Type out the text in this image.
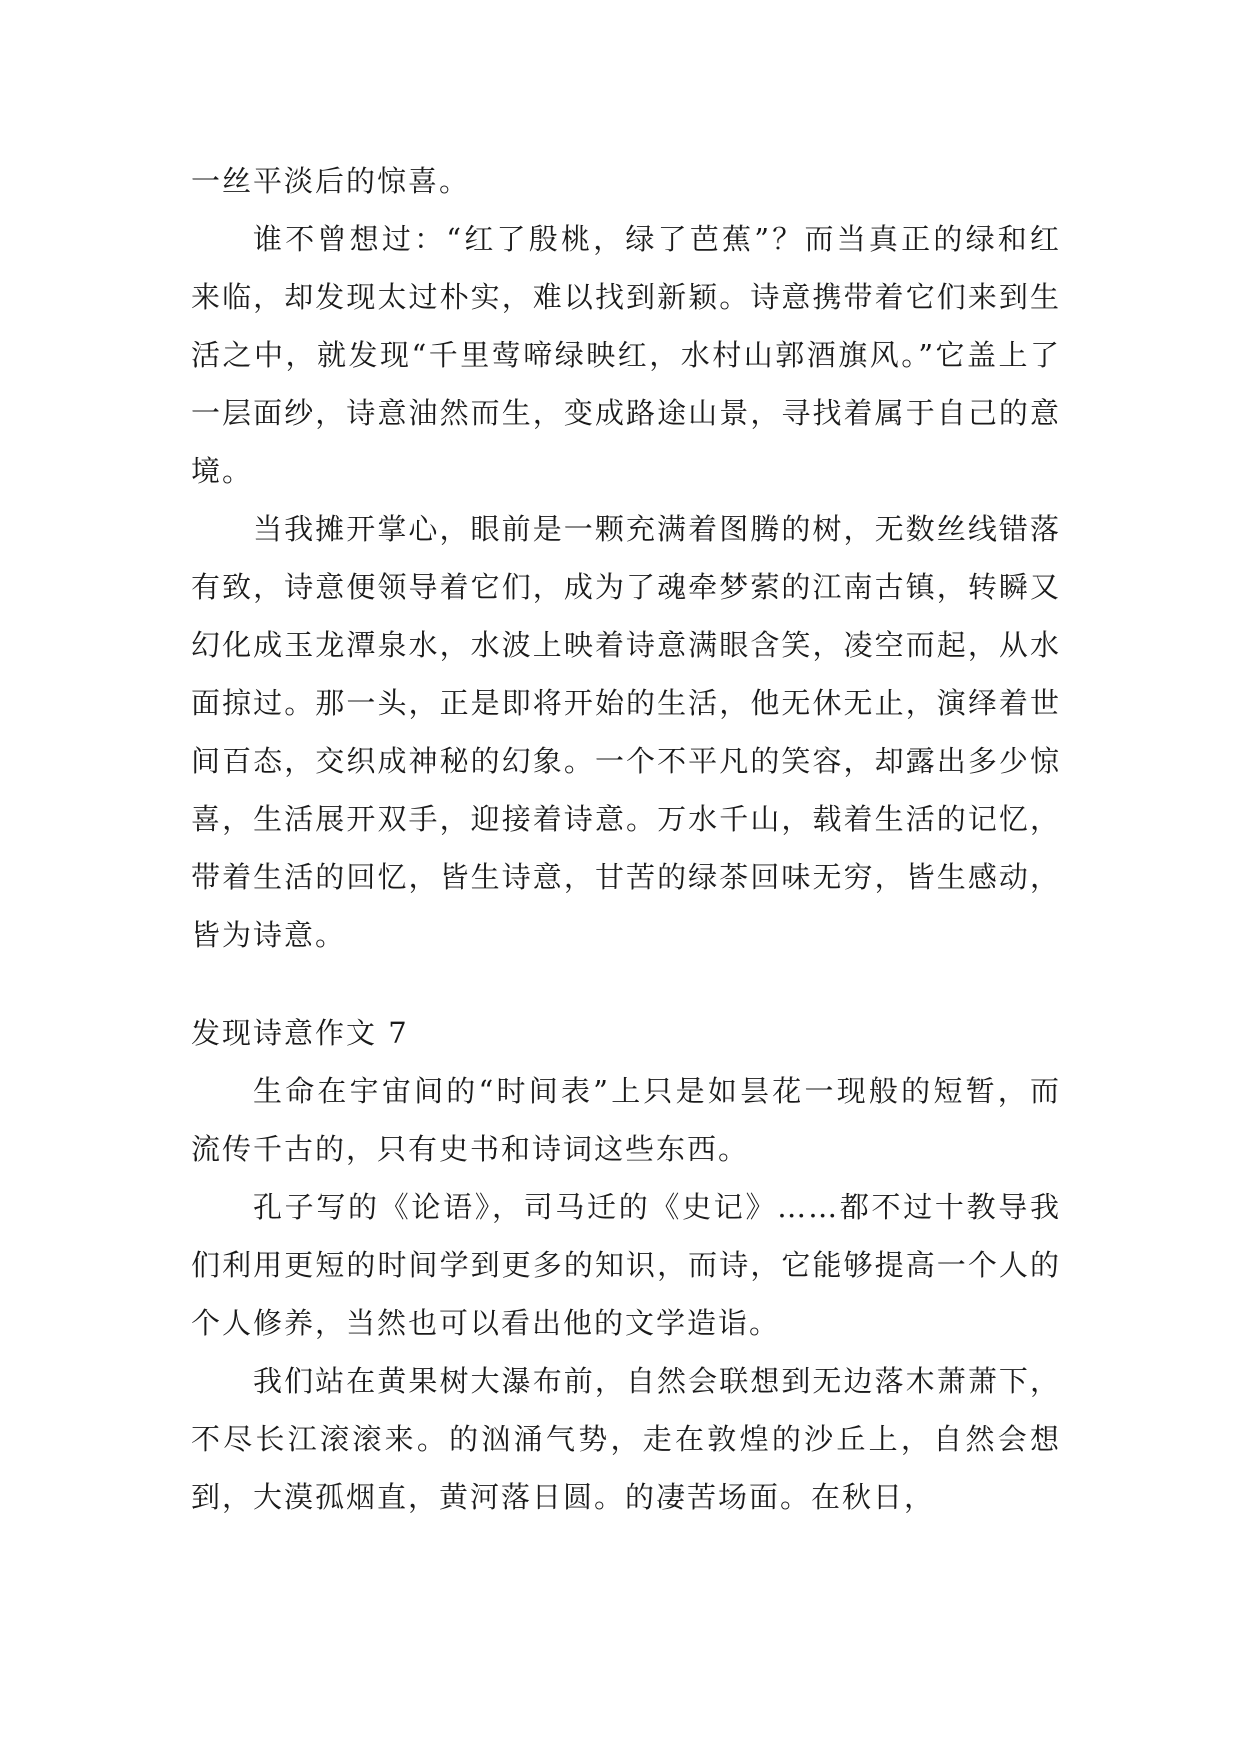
一丝平淡后的惊喜。

谁不曾想过：“红了殷桃，绿了芭蕉”？而当真正的绿和红来临，却发现太过朴实，难以找到新颖。诗意携带着它们来到生活之中，就发现“千里莺啼绿映红，水村山郭酒旗风。”它盖上了一层面纱，诗意油然而生，变成路途山景，寻找着属于自己的意境。

当我摊开掌心，眼前是一颗充满着图腾的树，无数丝线错落有致，诗意便领导着它们，成为了魂牵梦萦的江南古镇，转瞬又幻化成玉龙潭泉水，水波上映着诗意满眼含笑，凌空而起，从水面掠过。那一头，正是即将开始的生活，他无休无止，演绎着世间百态，交织成神秘的幻象。一个不平凡的笑容，却露出多少惊喜，生活展开双手，迎接着诗意。万水千山，载着生活的记忆，带着生活的回忆，皆生诗意，甘苦的绿茶回味无穷，皆生感动，皆为诗意。

发现诗意作文 7

生命在宇宙间的“时间表”上只是如昙花一现般的短暂，而流传千古的，只有史书和诗词这些东西。

孔子写的《论语》，司马迁的《史记》……都不过十教导我们利用更短的时间学到更多的知识，而诗，它能够提高一个人的个人修养，当然也可以看出他的文学造诣。

我们站在黄果树大瀑布前，自然会联想到无边落木萧萧下，不尽长江滚滚来。的汹涌气势，走在敦煌的沙丘上，自然会想到，大漠孤烟直，黄河落日圆。的凄苦场面。在秋日，
